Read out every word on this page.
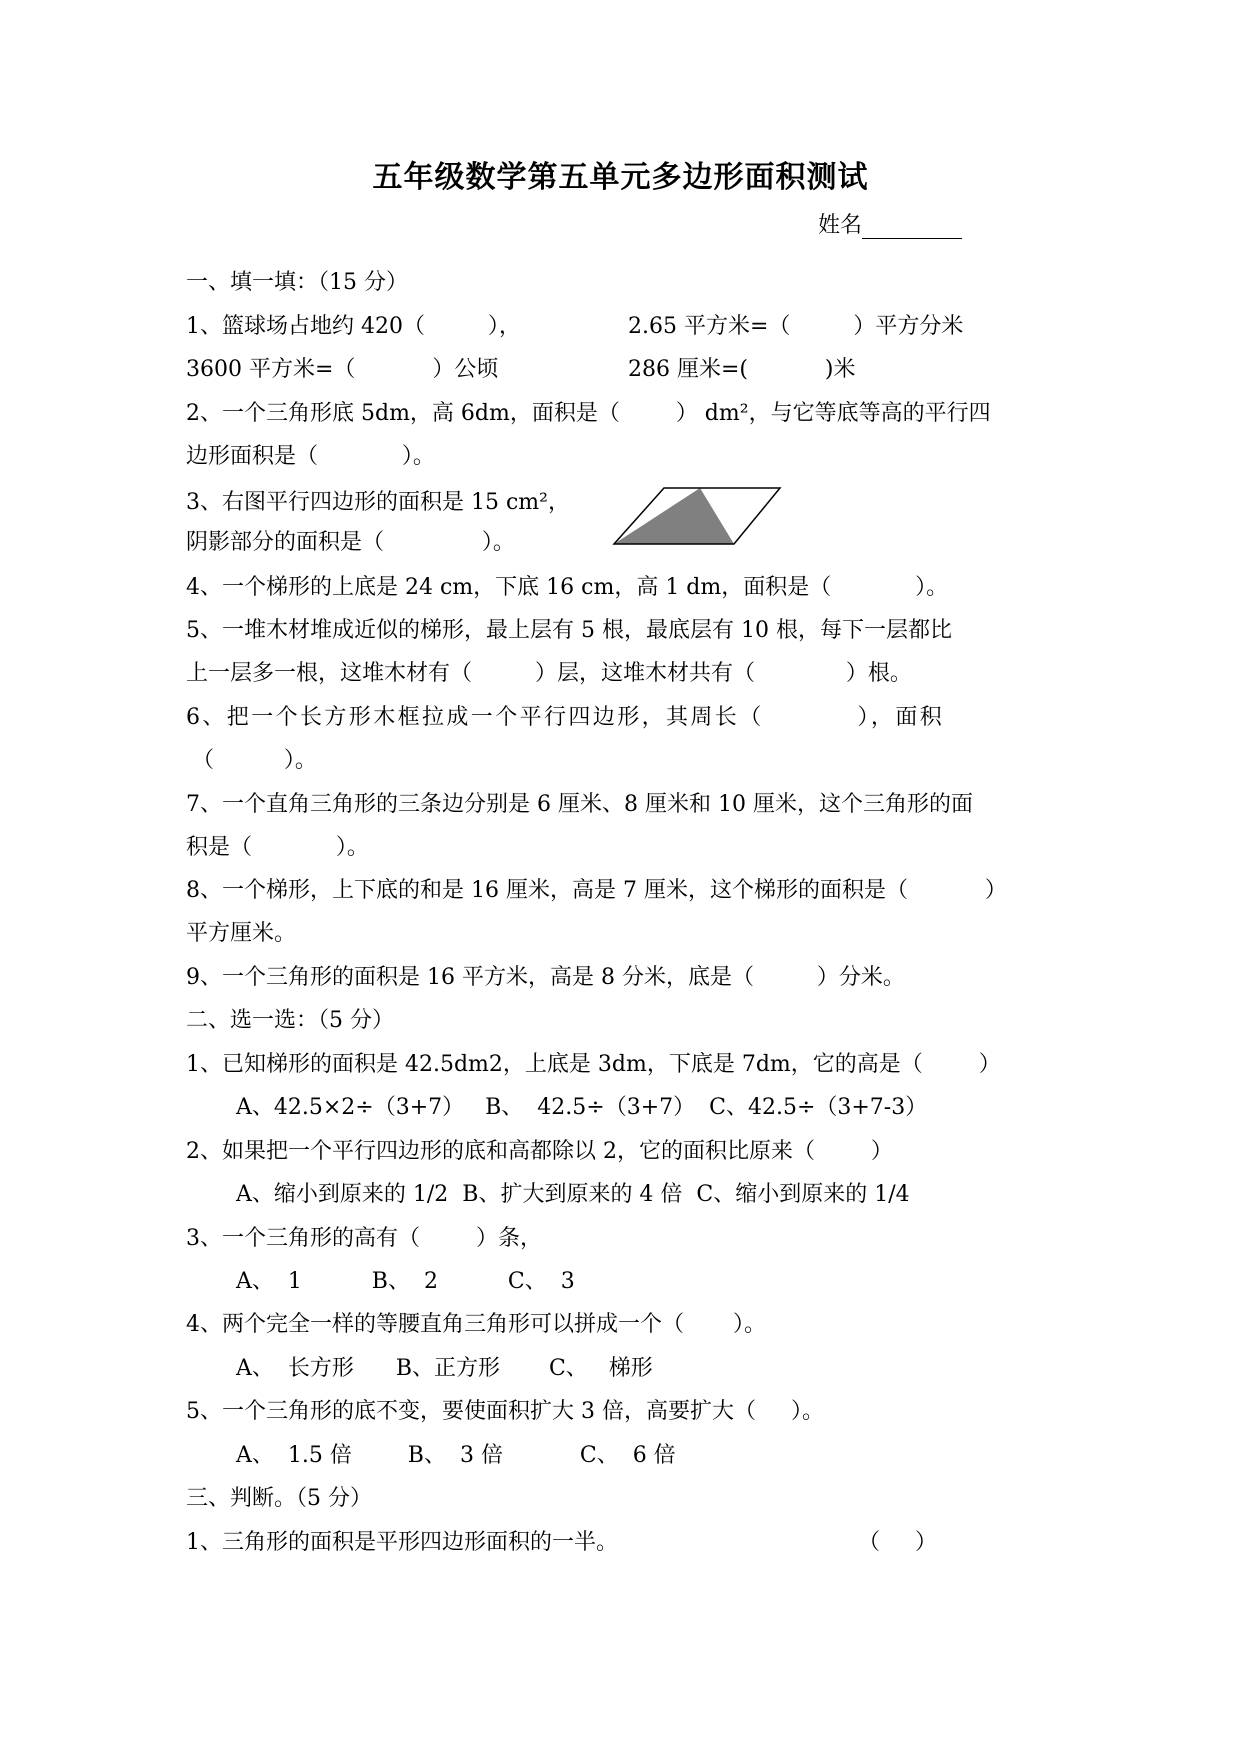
五年级数学第五单元多边形面积测试
姓名
一、填一填：（15 分）
1、篮球场占地约 420（         ），	2.65 平方米=（         ）平方分米
3600 平方米=（           ）公顷	286 厘米=(           )米
2、一个三角形底 5dm，高 6dm，面积是（        ） dm²，与它等底等高的平行四
边形面积是（            ）。
3、右图平行四边形的面积是 15 cm²，
阴影部分的面积是（              ）。
4、一个梯形的上底是 24 cm，下底 16 cm，高 1 dm，面积是（            ）。
5、一堆木材堆成近似的梯形，最上层有 5 根，最底层有 10 根，每下一层都比
上一层多一根，这堆木材有（         ）层，这堆木材共有（             ）根。
6、把一个长方形木框拉成一个平行四边形，其周长（          ），面积
（          ）。
7、一个直角三角形的三条边分别是 6 厘米、8 厘米和 10 厘米，这个三角形的面
积是（            ）。
8、一个梯形，上下底的和是 16 厘米，高是 7 厘米，这个梯形的面积是（           ）
平方厘米。
9、一个三角形的面积是 16 平方米，高是 8 分米，底是（         ）分米。
二、选一选：（5 分）
1、已知梯形的面积是 42.5dm2，上底是 3dm，下底是 7dm，它的高是（        ）
A、42.5×2÷（3+7）   B、  42.5÷（3+7）  C、42.5÷（3+7-3）
2、如果把一个平行四边形的底和高都除以 2，它的面积比原来（        ）
A、缩小到原来的 1/2  B、扩大到原来的 4 倍  C、缩小到原来的 1/4
3、一个三角形的高有（        ）条，
A、  1          B、  2          C、  3
4、两个完全一样的等腰直角三角形可以拼成一个（       ）。
A、  长方形      B、正方形       C、   梯形
5、一个三角形的底不变，要使面积扩大 3 倍，高要扩大（     ）。
A、  1.5 倍        B、  3 倍           C、  6 倍
三、判断。（5 分）
1、三角形的面积是平形四边形面积的一半。	（     ）
